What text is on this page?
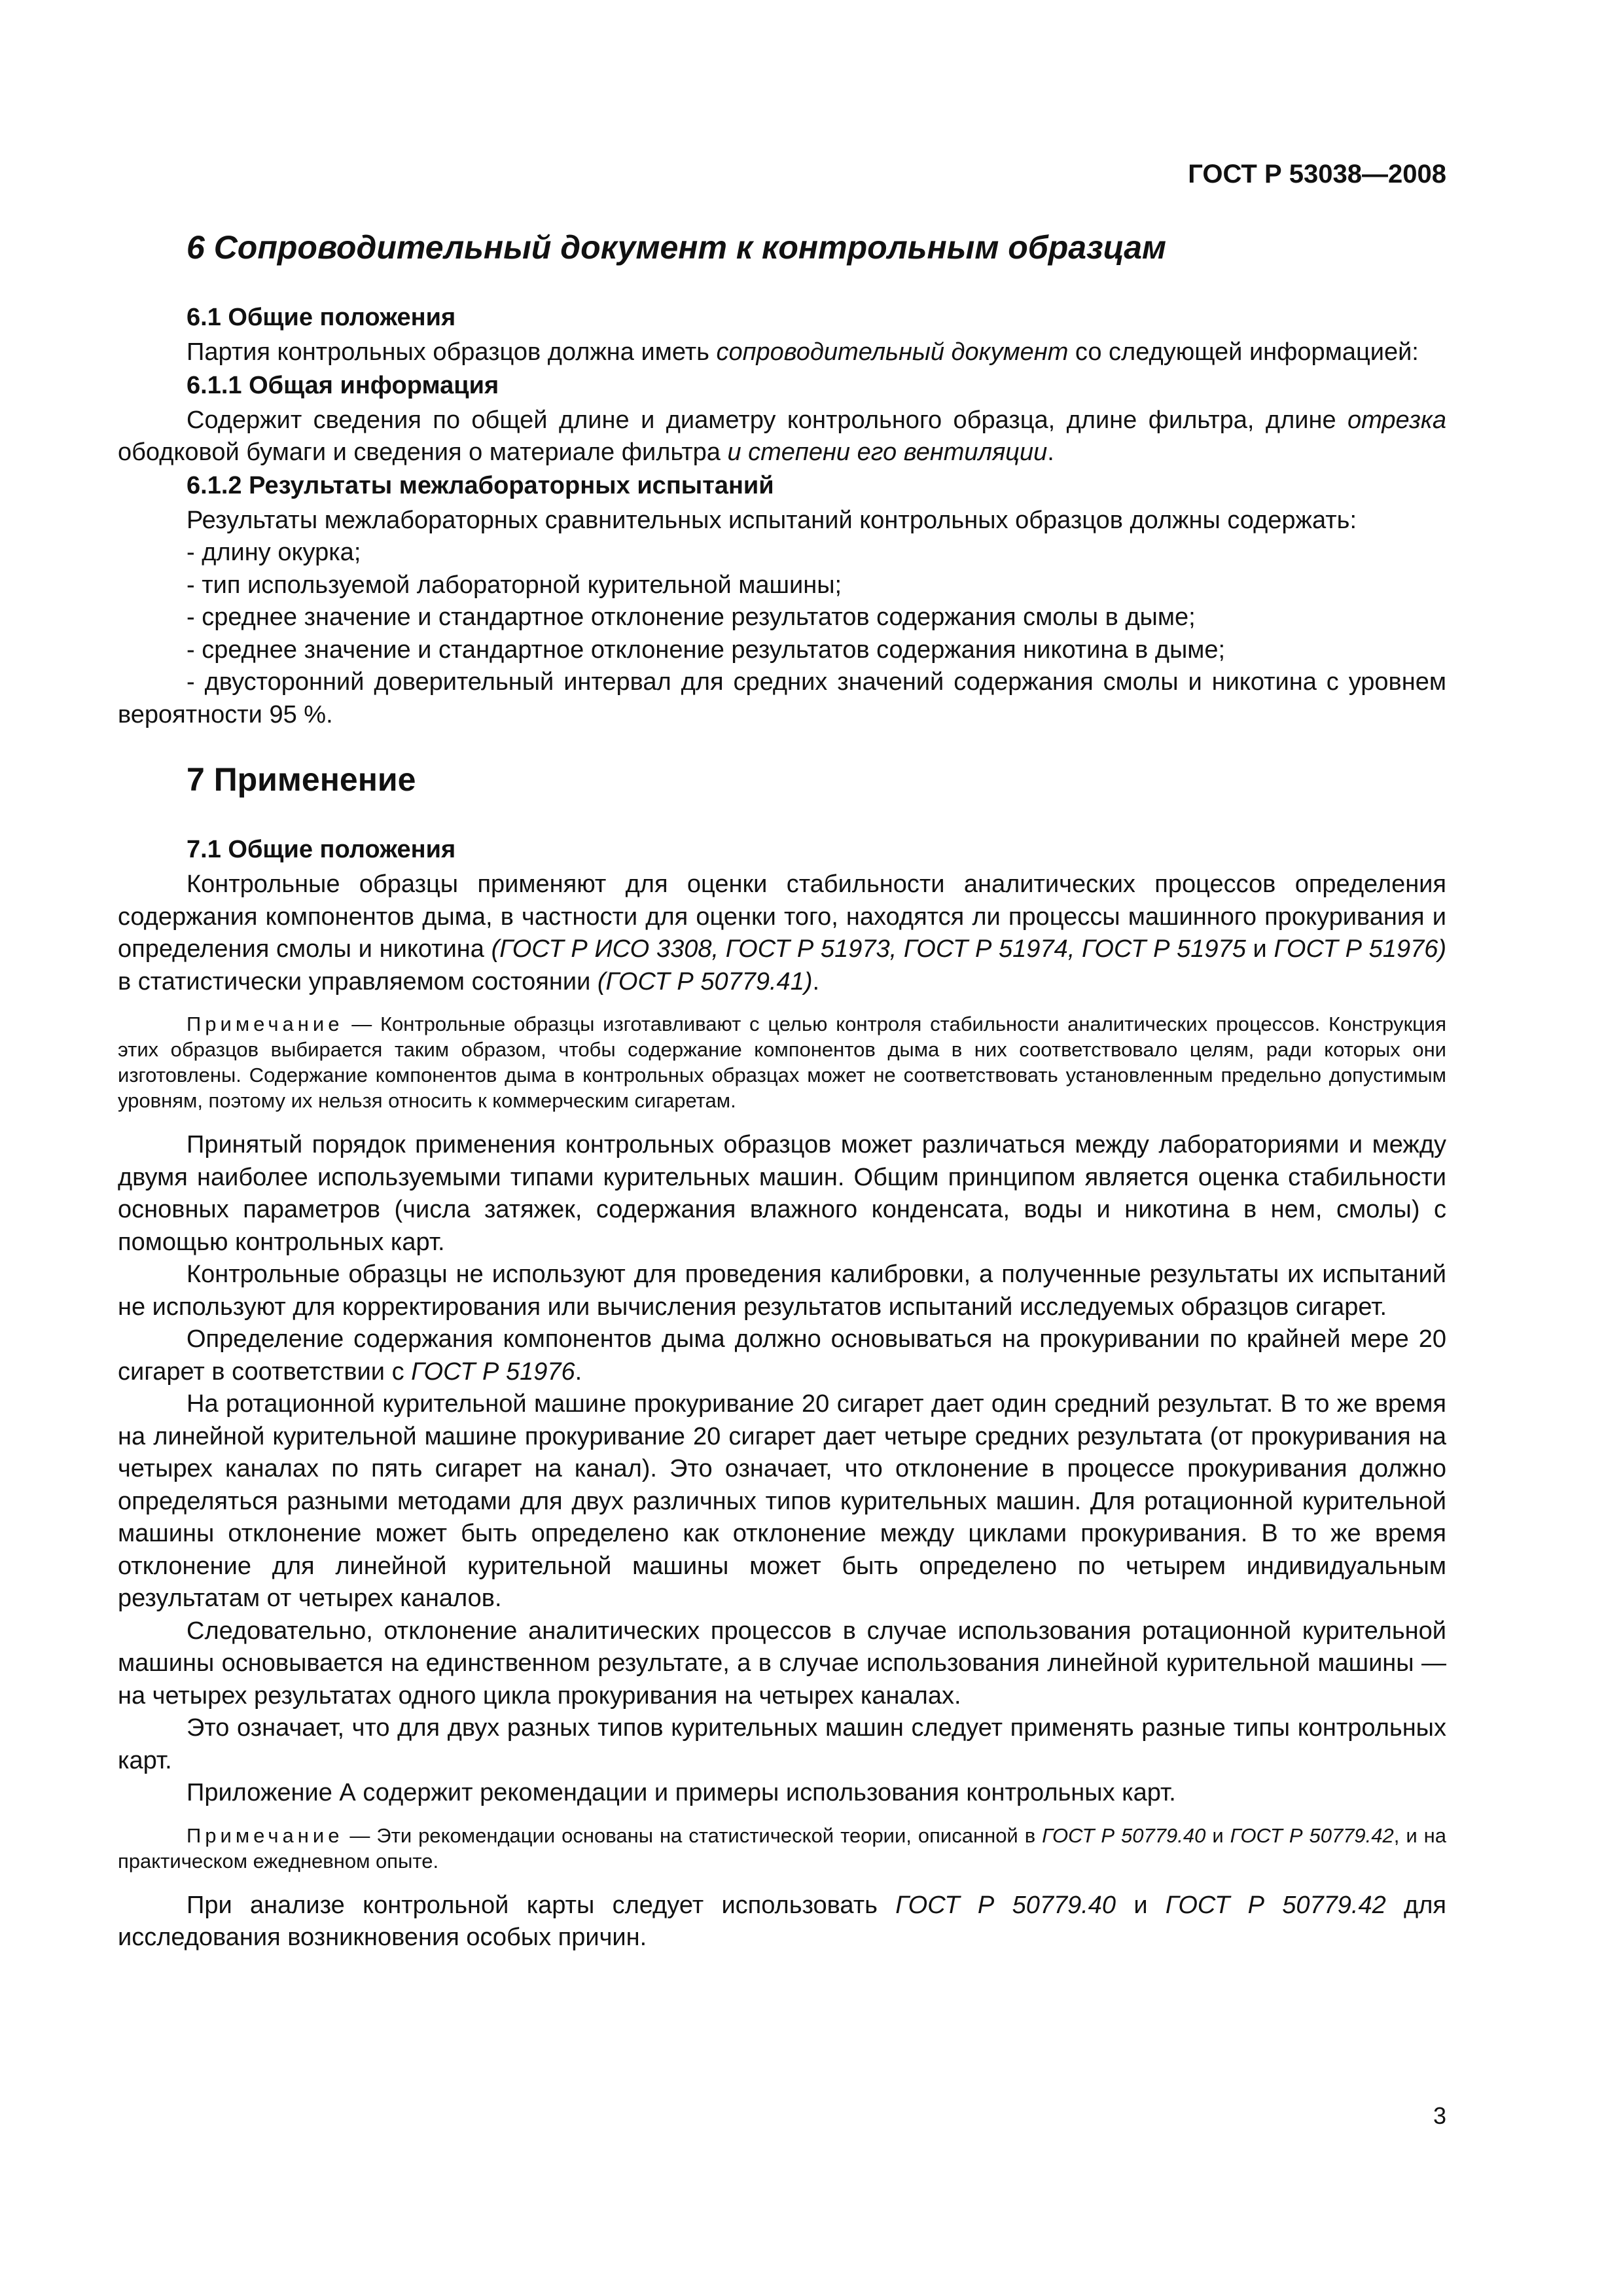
ГОСТ Р 53038—2008
6 Сопроводительный документ к контрольным образцам
6.1 Общие положения

Партия контрольных образцов должна иметь сопроводительный документ со следующей информацией:

6.1.1 Общая информация

Содержит сведения по общей длине и диаметру контрольного образца, длине фильтра, длине отрезка ободковой бумаги и сведения о материале фильтра и степени его вентиляции.

6.1.2 Результаты межлабораторных испытаний

Результаты межлабораторных сравнительных испытаний контрольных образцов должны содержать:

- длину окурка;

- тип используемой лабораторной курительной машины;

- среднее значение и стандартное отклонение результатов содержания смолы в дыме;

- среднее значение и стандартное отклонение результатов содержания никотина в дыме;

- двусторонний доверительный интервал для средних значений содержания смолы и никотина с уровнем вероятности 95 %.

7 Применение
7.1 Общие положения

Контрольные образцы применяют для оценки стабильности аналитических процессов определения содержания компонентов дыма, в частности для оценки того, находятся ли процессы машинного прокуривания и определения смолы и никотина (ГОСТ Р ИСО 3308, ГОСТ Р 51973, ГОСТ Р 51974, ГОСТ Р 51975 и ГОСТ Р 51976) в статистически управляемом состоянии (ГОСТ Р 50779.41).

Примечание — Контрольные образцы изготавливают с целью контроля стабильности аналитических процессов. Конструкция этих образцов выбирается таким образом, чтобы содержание компонентов дыма в них соответствовало целям, ради которых они изготовлены. Содержание компонентов дыма в контрольных образцах может не соответствовать установленным предельно допустимым уровням, поэтому их нельзя относить к коммерческим сигаретам.

Принятый порядок применения контрольных образцов может различаться между лабораториями и между двумя наиболее используемыми типами курительных машин. Общим принципом является оценка стабильности основных параметров (числа затяжек, содержания влажного конденсата, воды и никотина в нем, смолы) с помощью контрольных карт.

Контрольные образцы не используют для проведения калибровки, а полученные результаты их испытаний не используют для корректирования или вычисления результатов испытаний исследуемых образцов сигарет.

Определение содержания компонентов дыма должно основываться на прокуривании по крайней мере 20 сигарет в соответствии с ГОСТ Р 51976.

На ротационной курительной машине прокуривание 20 сигарет дает один средний результат. В то же время на линейной курительной машине прокуривание 20 сигарет дает четыре средних результата (от прокуривания на четырех каналах по пять сигарет на канал). Это означает, что отклонение в процессе прокуривания должно определяться разными методами для двух различных типов курительных машин. Для ротационной курительной машины отклонение может быть определено как отклонение между циклами прокуривания. В то же время отклонение для линейной курительной машины может быть определено по четырем индивидуальным результатам от четырех каналов.

Следовательно, отклонение аналитических процессов в случае использования ротационной курительной машины основывается на единственном результате, а в случае использования линейной курительной машины — на четырех результатах одного цикла прокуривания на четырех каналах.

Это означает, что для двух разных типов курительных машин следует применять разные типы контрольных карт.

Приложение А содержит рекомендации и примеры использования контрольных карт.

Примечание — Эти рекомендации основаны на статистической теории, описанной в ГОСТ Р 50779.40 и ГОСТ Р 50779.42, и на практическом ежедневном опыте.

При анализе контрольной карты следует использовать ГОСТ Р 50779.40 и ГОСТ Р 50779.42 для исследования возникновения особых причин.

3
